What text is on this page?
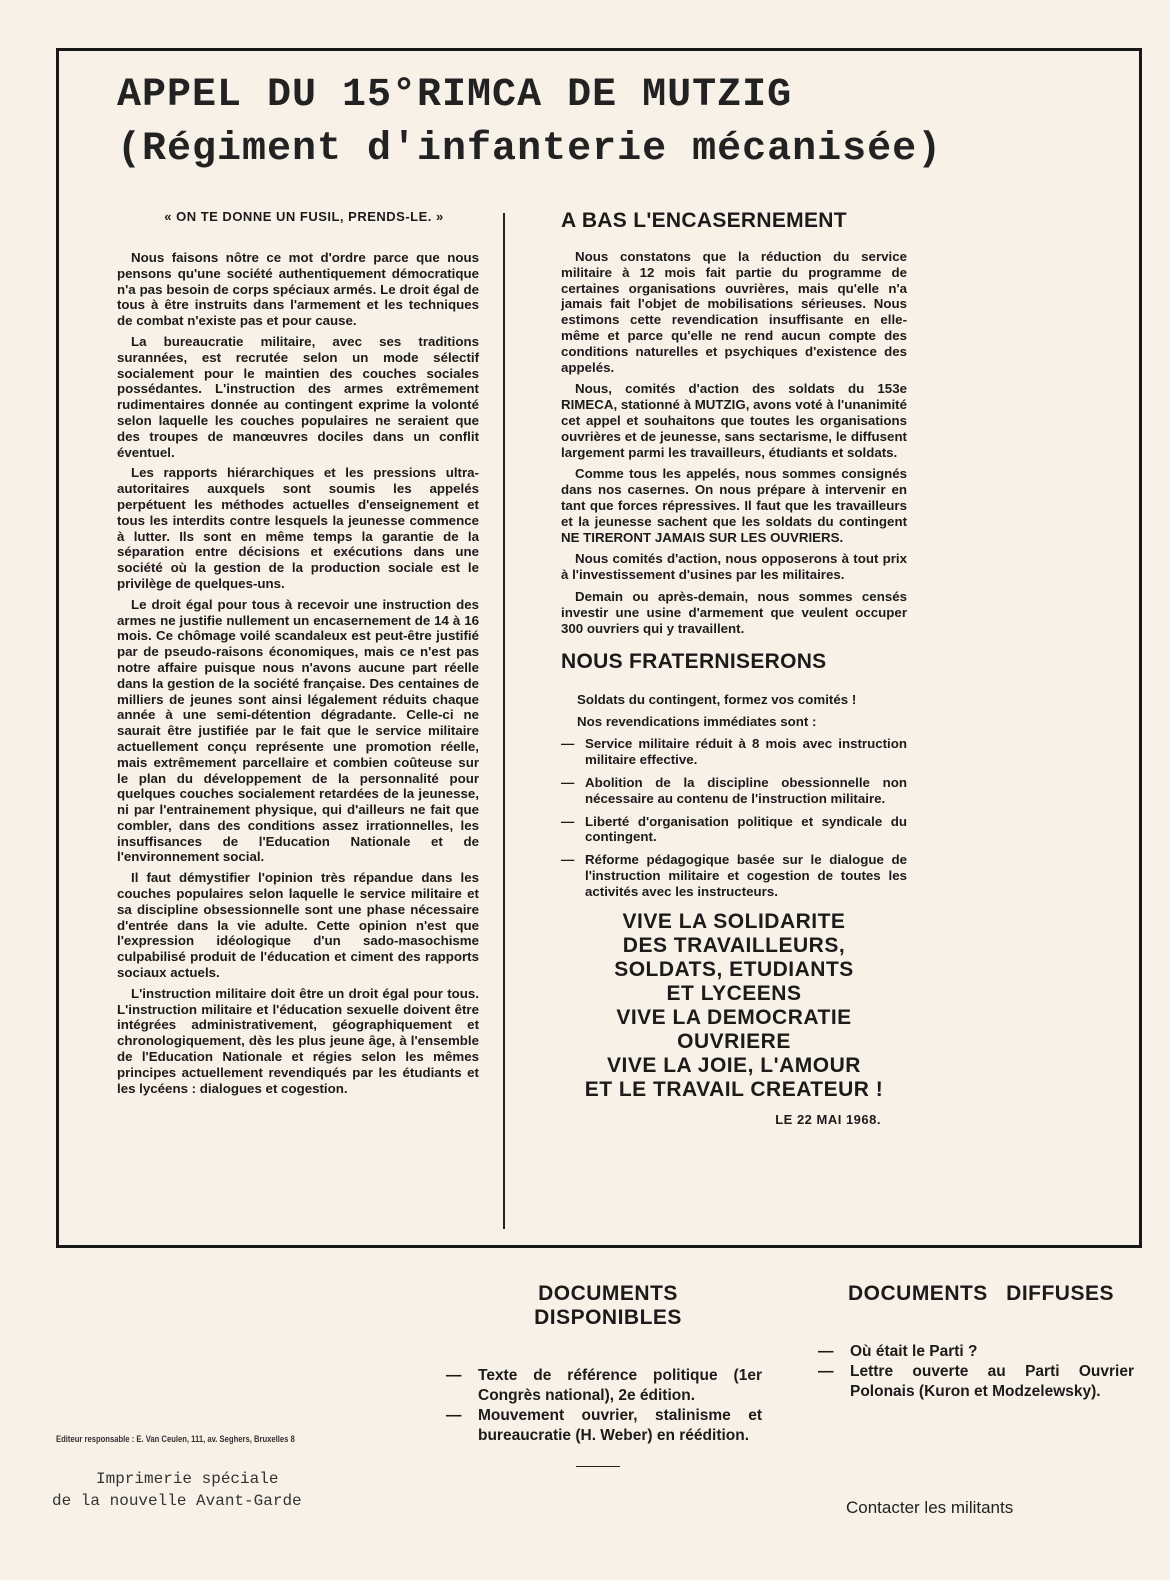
APPEL DU 15°RIMCA DE MUTZIG
(Régiment d'infanterie mécanisée)
« ON TE DONNE UN FUSIL, PRENDS-LE. »

Nous faisons nôtre ce mot d'ordre parce que nous pensons qu'une société authentiquement démocratique n'a pas besoin de corps spéciaux armés. Le droit égal de tous à être instruits dans l'armement et les techniques de combat n'existe pas et pour cause.

La bureaucratie militaire, avec ses traditions surannées, est recrutée selon un mode sélectif socialement pour le maintien des couches sociales possédantes. L'instruction des armes extrêmement rudimentaires donnée au contingent exprime la volonté selon laquelle les couches populaires ne seraient que des troupes de manœuvres dociles dans un conflit éventuel.

Les rapports hiérarchiques et les pressions ultra-autoritaires auxquels sont soumis les appelés perpétuent les méthodes actuelles d'enseignement et tous les interdits contre lesquels la jeunesse commence à lutter. Ils sont en même temps la garantie de la séparation entre décisions et exécutions dans une société où la gestion de la production sociale est le privilège de quelques-uns.

Le droit égal pour tous à recevoir une instruction des armes ne justifie nullement un encasernement de 14 à 16 mois. Ce chômage voilé scandaleux est peut-être justifié par de pseudo-raisons économiques, mais ce n'est pas notre affaire puisque nous n'avons aucune part réelle dans la gestion de la société française. Des centaines de milliers de jeunes sont ainsi légalement réduits chaque année à une semi-détention dégradante. Celle-ci ne saurait être justifiée par le fait que le service militaire actuellement conçu représente une promotion réelle, mais extrêmement parcellaire et combien coûteuse sur le plan du développement de la personnalité pour quelques couches socialement retardées de la jeunesse, ni par l'entrainement physique, qui d'ailleurs ne fait que combler, dans des conditions assez irrationnelles, les insuffisances de l'Education Nationale et de l'environnement social.

Il faut démystifier l'opinion très répandue dans les couches populaires selon laquelle le service militaire et sa discipline obsessionnelle sont une phase nécessaire d'entrée dans la vie adulte. Cette opinion n'est que l'expression idéologique d'un sado-masochisme culpabilisé produit de l'éducation et ciment des rapports sociaux actuels.

L'instruction militaire doit être un droit égal pour tous. L'instruction militaire et l'éducation sexuelle doivent être intégrées administrativement, géographiquement et chronologiquement, dès les plus jeune âge, à l'ensemble de l'Education Nationale et régies selon les mêmes principes actuellement revendiqués par les étudiants et les lycéens : dialogues et cogestion.

A BAS L'ENCASERNEMENT

Nous constatons que la réduction du service militaire à 12 mois fait partie du programme de certaines organisations ouvrières, mais qu'elle n'a jamais fait l'objet de mobilisations sérieuses. Nous estimons cette revendication insuffisante en elle-même et parce qu'elle ne rend aucun compte des conditions naturelles et psychiques d'existence des appelés.

Nous, comités d'action des soldats du 153e RIMECA, stationné à MUTZIG, avons voté à l'unanimité cet appel et souhaitons que toutes les organisations ouvrières et de jeunesse, sans sectarisme, le diffusent largement parmi les travailleurs, étudiants et soldats.

Comme tous les appelés, nous sommes consignés dans nos casernes. On nous prépare à intervenir en tant que forces répressives. Il faut que les travailleurs et la jeunesse sachent que les soldats du contingent NE TIRERONT JAMAIS SUR LES OUVRIERS.

Nous comités d'action, nous opposerons à tout prix à l'investissement d'usines par les militaires.

Demain ou après-demain, nous sommes censés investir une usine d'armement que veulent occuper 300 ouvriers qui y travaillent.

NOUS FRATERNISERONS
Soldats du contingent, formez vos comités !
Nos revendications immédiates sont :
— Service militaire réduit à 8 mois avec instruction militaire effective.
— Abolition de la discipline obessionnelle non nécessaire au contenu de l'instruction militaire.
— Liberté d'organisation politique et syndicale du contingent.
— Réforme pédagogique basée sur le dialogue de l'instruction militaire et cogestion de toutes les activités avec les instructeurs.
VIVE LA SOLIDARITE
DES TRAVAILLEURS,
SOLDATS, ETUDIANTS
ET LYCEENS
VIVE LA DEMOCRATIE
OUVRIERE
VIVE LA JOIE, L'AMOUR
ET LE TRAVAIL CREATEUR !
LE 22 MAI 1968.
Editeur responsable : E. Van Ceulen, 111, av. Seghers, Bruxelles 8
Imprimerie spéciale
de la nouvelle Avant-Garde
DOCUMENTS
DISPONIBLES
— Texte de référence politique (1er Congrès national), 2e édition.
— Mouvement ouvrier, stalinisme et bureaucratie (H. Weber) en réédition.
DOCUMENTS DIFFUSES
— Où était le Parti ?
— Lettre ouverte au Parti Ouvrier Polonais (Kuron et Modzelewsky).
Contacter les militants
